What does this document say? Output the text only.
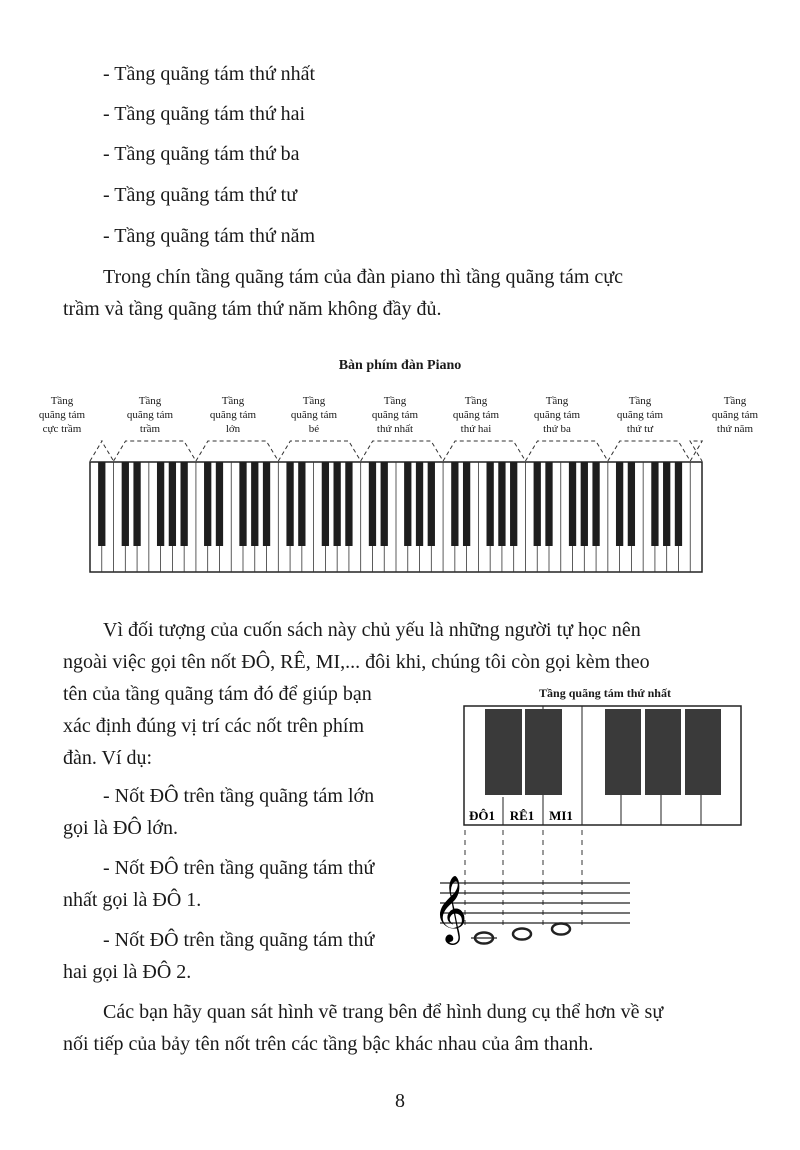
- Tầng quãng tám thứ nhất
- Tầng quãng tám thứ hai
- Tầng quãng tám thứ ba
- Tầng quãng tám thứ tư
- Tầng quãng tám thứ năm
Trong chín tầng quãng tám của đàn piano thì tầng quãng tám cực
trầm và tầng quãng tám thứ năm không đầy đủ.
Bàn phím đàn Piano
Tầng
quãng tám
cực trầm
Tầng
quãng tám
trầm
Tầng
quãng tám
lớn
Tầng
quãng tám
bé
Tầng
quãng tám
thứ nhất
Tầng
quãng tám
thứ hai
Tầng
quãng tám
thứ ba
Tầng
quãng tám
thứ tư
Tầng
quãng tám
thứ năm
Vì đối tượng của cuốn sách này chủ yếu là những người tự học nên
ngoài việc gọi tên nốt ĐÔ, RÊ, MI,... đôi khi, chúng tôi còn gọi kèm theo
tên của tầng quãng tám đó để giúp bạn
xác định đúng vị trí các nốt trên phím
đàn. Ví dụ:
- Nốt ĐÔ trên tầng quãng tám lớn
gọi là ĐÔ lớn.
- Nốt ĐÔ trên tầng quãng tám thứ
nhất gọi là ĐÔ 1.
- Nốt ĐÔ trên tầng quãng tám thứ
hai gọi là ĐÔ 2.
Tầng quãng tám thứ nhất
ĐÔ1 RÊ1 MI1
𝄞
Các bạn hãy quan sát hình vẽ trang bên để hình dung cụ thể hơn về sự
nối tiếp của bảy tên nốt trên các tầng bậc khác nhau của âm thanh.
8
